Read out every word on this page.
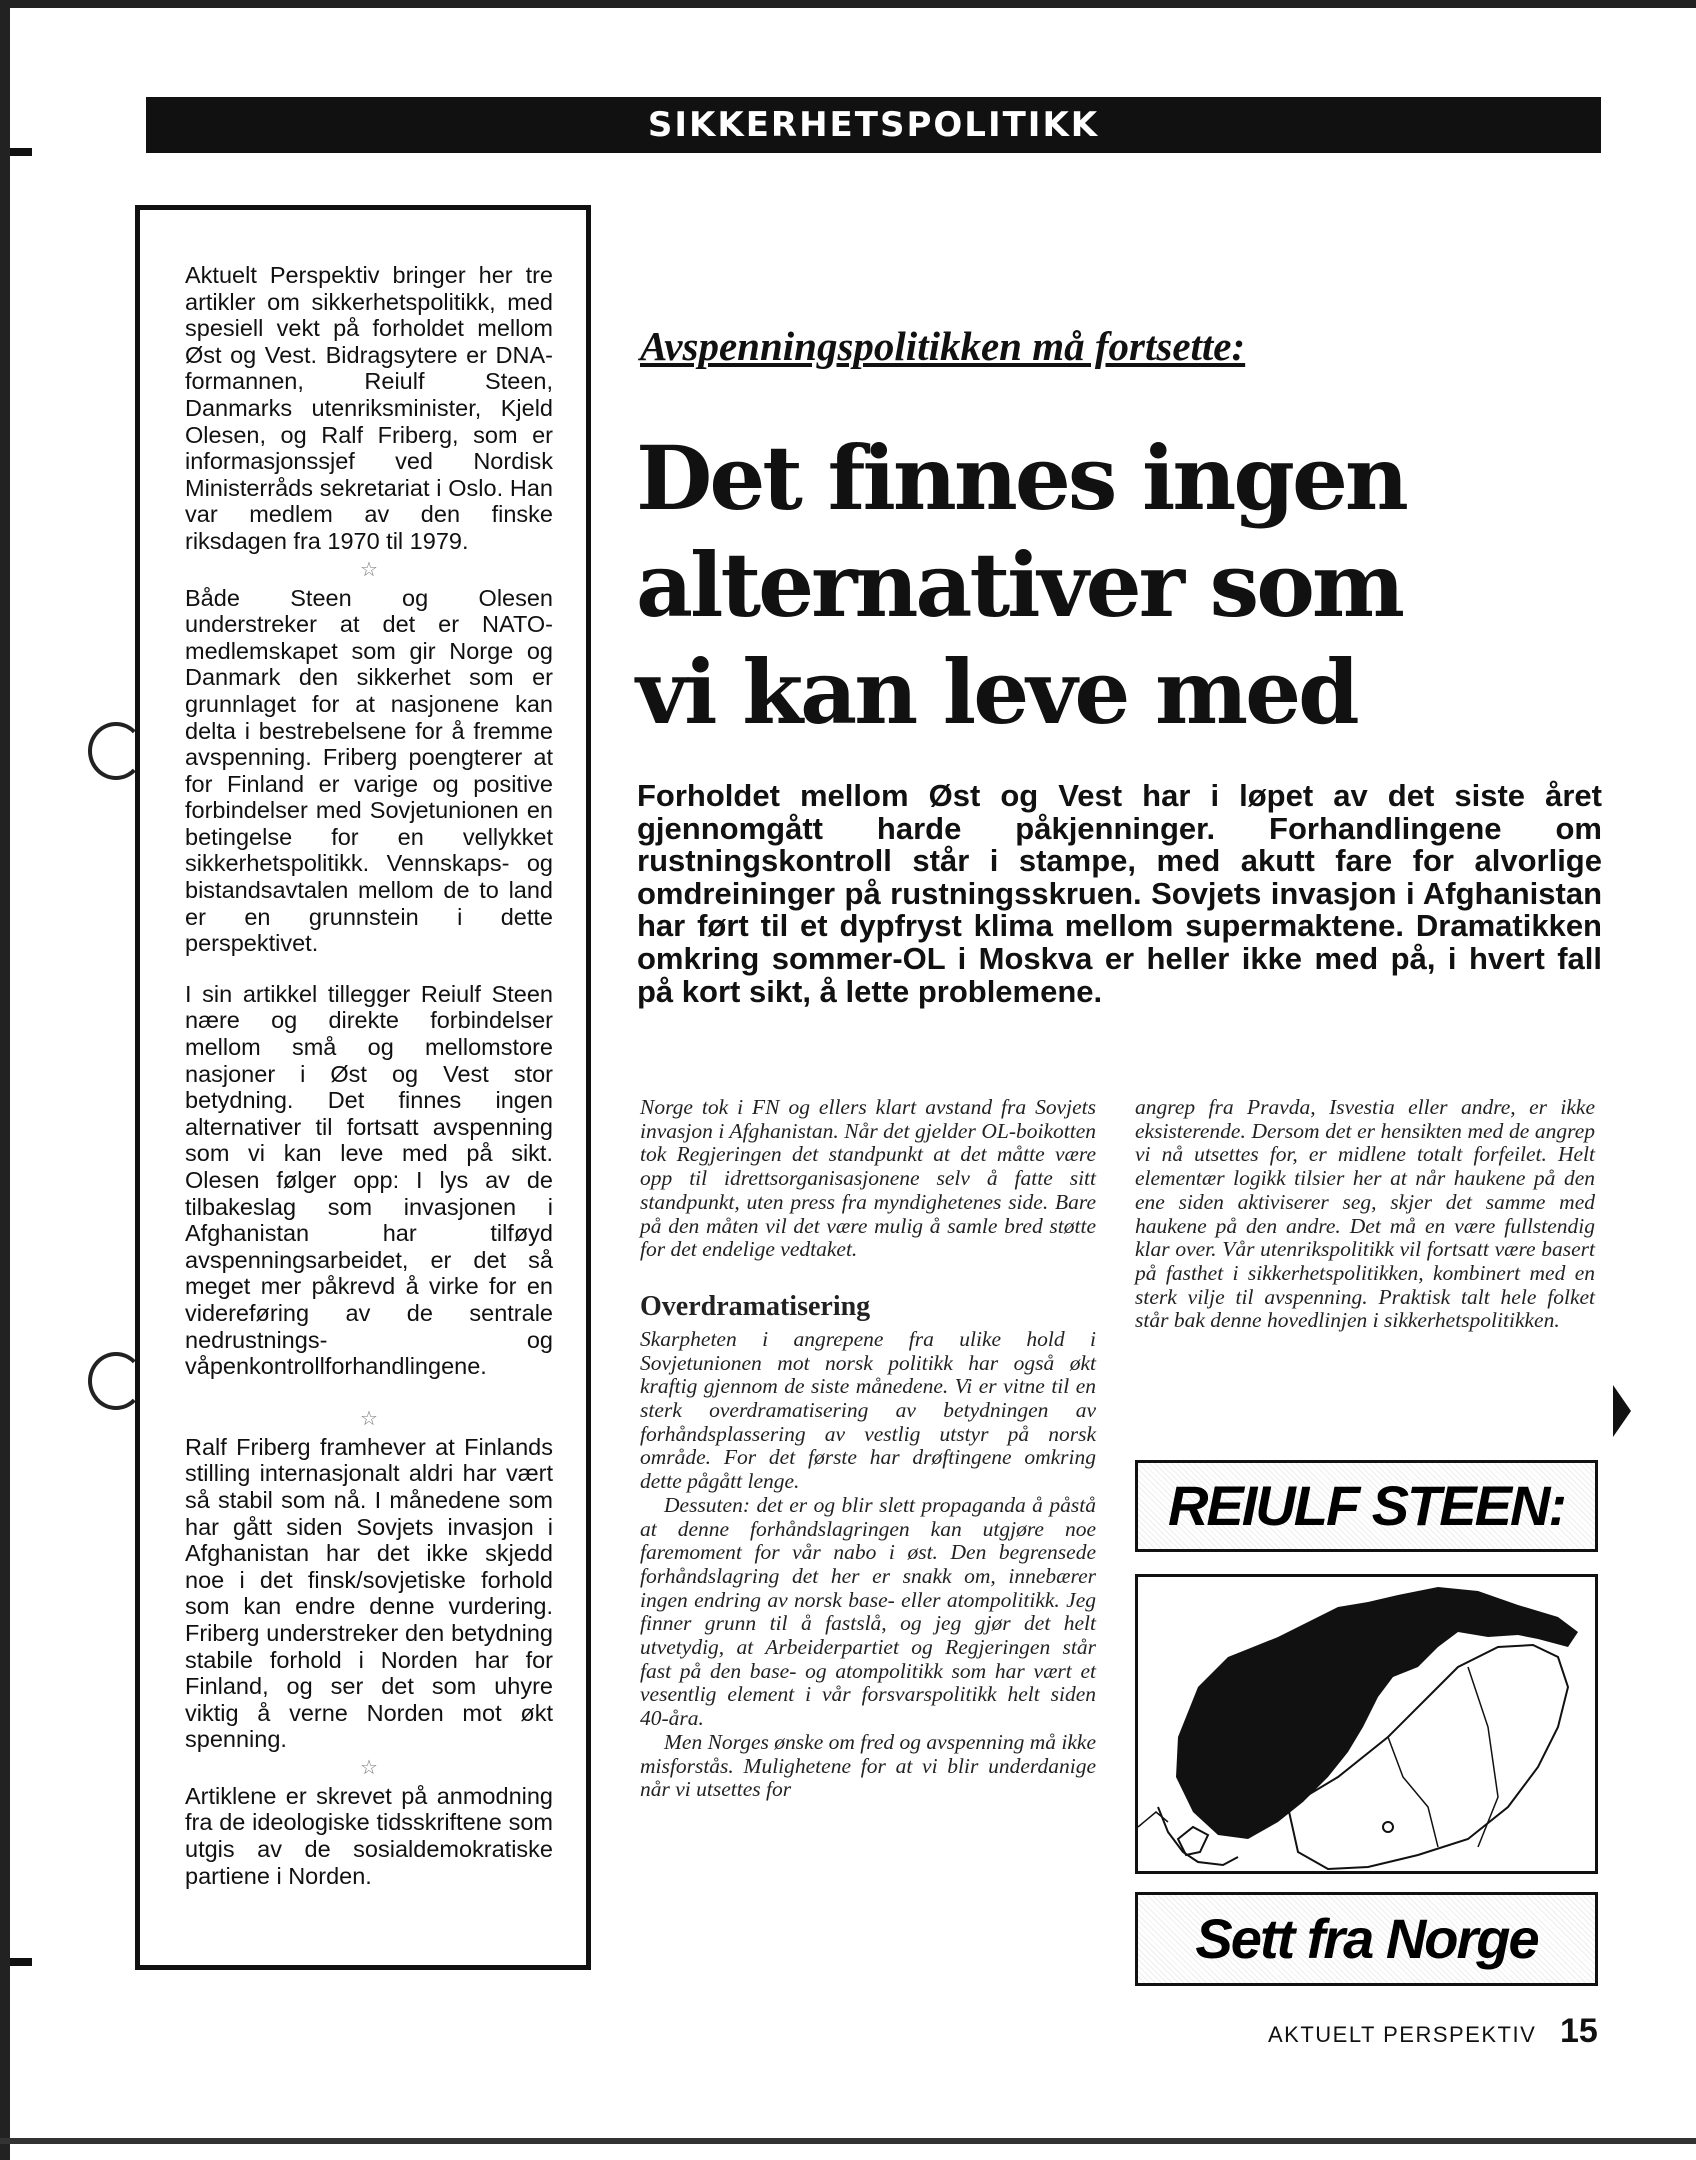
SIKKERHETSPOLITIKK

Aktuelt Perspektiv bringer her tre artikler om sikkerhetspolitikk, med spesiell vekt på forholdet mellom Øst og Vest. Bidragsytere er DNA-formannen, Reiulf Steen, Danmarks utenriksminister, Kjeld Olesen, og Ralf Friberg, som er informasjonssjef ved Nordisk Ministerråds sekretariat i Oslo. Han var medlem av den finske riksdagen fra 1970 til 1979.

☆

Både Steen og Olesen understreker at det er NATO-medlemskapet som gir Norge og Danmark den sikkerhet som er grunnlaget for at nasjonene kan delta i bestrebelsene for å fremme avspenning. Friberg poengterer at for Finland er varige og positive forbindelser med Sovjetunionen en betingelse for en vellykket sikkerhetspolitikk. Vennskaps- og bistandsavtalen mellom de to land er en grunnstein i dette perspektivet.

I sin artikkel tillegger Reiulf Steen nære og direkte forbindelser mellom små og mellomstore nasjoner i Øst og Vest stor betydning. Det finnes ingen alternativer til fortsatt avspenning som vi kan leve med på sikt. Olesen følger opp: I lys av de tilbakeslag som invasjonen i Afghanistan har tilføyd avspenningsarbeidet, er det så meget mer påkrevd å virke for en videreføring av de sentrale nedrustnings- og våpenkontrollforhandlingene.

☆

Ralf Friberg framhever at Finlands stilling internasjonalt aldri har vært så stabil som nå. I månedene som har gått siden Sovjets invasjon i Afghanistan har det ikke skjedd noe i det finsk/sovjetiske forhold som kan endre denne vurdering. Friberg understreker den betydning stabile forhold i Norden har for Finland, og ser det som uhyre viktig å verne Norden mot økt spenning.

☆

Artiklene er skrevet på anmodning fra de ideologiske tidsskriftene som utgis av de sosialdemokratiske partiene i Norden.

Avspenningspolitikken må fortsette:
Det finnes ingen
alternativer som
vi kan leve med

Forholdet mellom Øst og Vest har i løpet av det siste året gjennomgått harde påkjenninger. Forhandlingene om rustningskontroll står i stampe, med akutt fare for alvorlige omdreininger på rustningsskruen. Sovjets invasjon i Afghanistan har ført til et dypfryst klima mellom supermaktene. Dramatikken omkring sommer-OL i Moskva er heller ikke med på, i hvert fall på kort sikt, å lette problemene.

Norge tok i FN og ellers klart avstand fra Sovjets invasjon i Afghanistan. Når det gjelder OL-boikotten tok Regjeringen det standpunkt at det måtte være opp til idrettsorganisasjonene selv å fatte sitt standpunkt, uten press fra myndighetenes side. Bare på den måten vil det være mulig å samle bred støtte for det endelige vedtaket.

Overdramatisering

Skarpheten i angrepene fra ulike hold i Sovjetunionen mot norsk politikk har også økt kraftig gjennom de siste månedene. Vi er vitne til en sterk overdramatisering av betydningen av forhåndsplassering av vestlig utstyr på norsk område. For det første har drøftingene omkring dette pågått lenge.

Dessuten: det er og blir slett propaganda å påstå at denne forhåndslagringen kan utgjøre noe faremoment for vår nabo i øst. Den begrensede forhåndslagring det her er snakk om, innebærer ingen endring av norsk base- eller atompolitikk. Jeg finner grunn til å fastslå, og jeg gjør det helt utvetydig, at Arbeiderpartiet og Regjeringen står fast på den base- og atompolitikk som har vært et vesentlig element i vår forsvarspolitikk helt siden 40-åra.

Men Norges ønske om fred og avspenning må ikke misforstås. Mulighetene for at vi blir underdanige når vi utsettes for

angrep fra Pravda, Isvestia eller andre, er ikke eksisterende. Dersom det er hensikten med de angrep vi nå utsettes for, er midlene totalt forfeilet. Helt elementær logikk tilsier her at når haukene på den ene siden aktiviserer seg, skjer det samme med haukene på den andre. Det må en være fullstendig klar over. Vår utenrikspolitikk vil fortsatt være basert på fasthet i sikkerhetspolitikken, kombinert med en sterk vilje til avspenning. Praktisk talt hele folket står bak denne hovedlinjen i sikkerhetspolitikken.

REIULF STEEN:
Sett fra Norge
AKTUELT PERSPEKTIV 15
